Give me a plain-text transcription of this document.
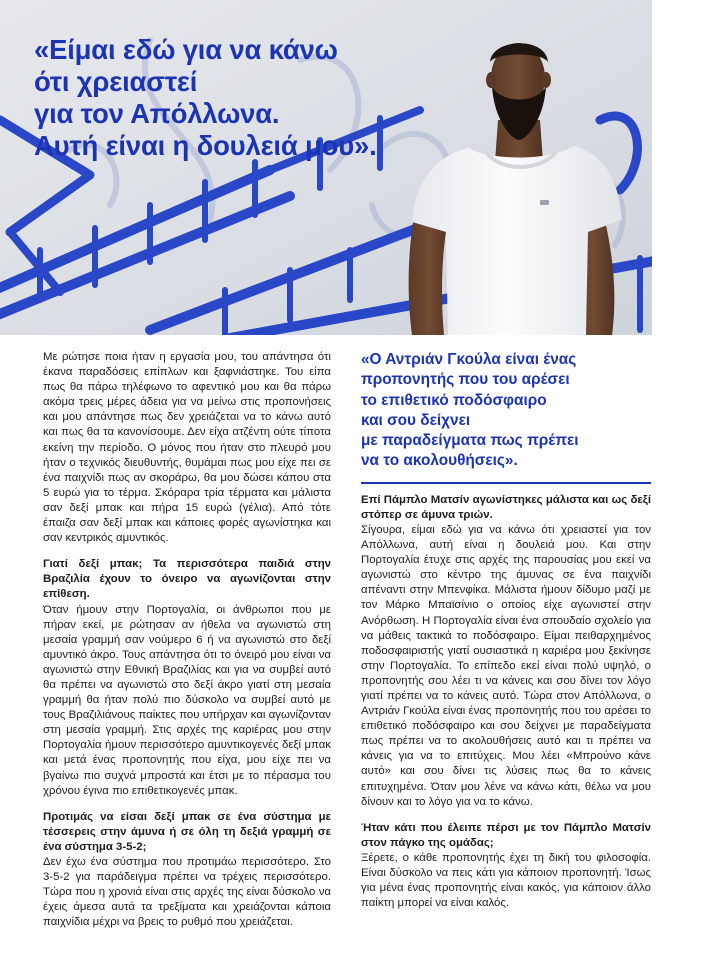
«Είμαι εδώ για να κάνω
ότι χρειαστεί
για τον Απόλλωνα.
Αυτή είναι η δουλειά μου».

Με ρώτησε ποια ήταν η εργασία μου, του απάντησα ότι έκανα παραδόσεις επίπλων και ξαφνιάστηκε. Του είπα πως θα πάρω τηλέφωνο το αφεντικό μου και θα πάρω ακόμα τρεις μέρες άδεια για να μείνω στις προπονήσεις και μου απάντησε πως δεν χρειάζεται να το κάνω αυτό και πως θα τα κανονίσουμε. Δεν είχα ατζέντη ούτε τίποτα εκείνη την περίοδο. Ο μόνος που ήταν στο πλευρό μου ήταν ο τεχνικός διευθυντής, θυμάμαι πως μου είχε πει σε ένα παιχνίδι πως αν σκοράρω, θα μου δώσει κάπου στα 5 ευρώ για το τέρμα. Σκόραρα τρία τέρματα και μάλιστα σαν δεξί μπακ και πήρα 15 ευρώ (γέλια). Από τότε έπαιζα σαν δεξί μπακ και κάποιες φορές αγωνίστηκα και σαν κεντρικός αμυντικός.

Γιατί δεξί μπακ; Τα περισσότερα παιδιά στην Βραζιλία έχουν το όνειρο να αγωνίζονται στην επίθεση.

Όταν ήμουν στην Πορτογαλία, οι άνθρωποι που με πήραν εκεί, με ρώτησαν αν ήθελα να αγωνιστώ στη μεσαία γραμμή σαν νούμερο 6 ή να αγωνιστώ στο δεξί αμυντικό άκρο. Τους απάντησα ότι το όνειρό μου είναι να αγωνιστώ στην Εθνική Βραζιλίας και για να συμβεί αυτό θα πρέπει να αγωνιστώ στο δεξί άκρο γιατί στη μεσαία γραμμή θα ήταν πολύ πιο δύσκολο να συμβεί αυτό με τους Βραζιλιάνους παίκτες που υπήρχαν και αγωνίζονταν στη μεσαία γραμμή. Στις αρχές της καριέρας μου στην Πορτογαλία ήμουν περισσότερο αμυντικογενές δεξί μπακ και μετά ένας προπονητής που είχα, μου είχε πει να βγαίνω πιο συχνά μπροστά και έτσι με το πέρασμα του χρόνου έγινα πιο επιθετικογενές μπακ.

Προτιμάς να είσαι δεξί μπακ σε ένα σύστημα με τέσσερεις στην άμυνα ή σε όλη τη δεξιά γραμμή σε ένα σύστημα 3-5-2;

Δεν έχω ένα σύστημα που προτιμάω περισσότερο. Στο 3-5-2 για παράδειγμα πρέπει να τρέχεις περισσότερο. Τώρα που η χρονιά είναι στις αρχές της είναι δύσκολο να έχεις άμεσα αυτά τα τρεξίματα και χρειάζονται κάποια παιχνίδια μέχρι να βρεις το ρυθμό που χρειάζεται.

«Ο Αντριάν Γκούλα είναι ένας
προπονητής που του αρέσει
το επιθετικό ποδόσφαιρο
και σου δείχνει
με παραδείγματα πως πρέπει
να το ακολουθήσεις».

Επί Πάμπλο Ματσίν αγωνίστηκες μάλιστα και ως δεξί στόπερ σε άμυνα τριών.

Σίγουρα, είμαι εδώ για να κάνω ότι χρειαστεί για τον Απόλλωνα, αυτή είναι η δουλειά μου. Και στην Πορτογαλία έτυχε στις αρχές της παρουσίας μου εκεί να αγωνιστώ στο κέντρο της άμυνας σε ένα παιχνίδι απέναντι στην Μπενφίκα. Μάλιστα ήμουν δίδυμο μαζί με τον Μάρκο Μπαϊσίνιο ο οποίος είχε αγωνιστεί στην Ανόρθωση. Η Πορτογαλία είναι ένα σπουδαίο σχολείο για να μάθεις τακτικά το ποδόσφαιρο. Είμαι πειθαρχημένος ποδοσφαιριστής γιατί ουσιαστικά η καριέρα μου ξεκίνησε στην Πορτογαλία. Το επίπεδο εκεί είναι πολύ υψηλό, ο προπονητής σου λέει τι να κάνεις και σου δίνει τον λόγο γιατί πρέπει να το κάνεις αυτό. Τώρα στον Απόλλωνα, ο Αντριάν Γκούλα είναι ένας προπονητής που του αρέσει το επιθετικό ποδόσφαιρο και σου δείχνει με παραδείγματα πως πρέπει να το ακολουθήσεις αυτό και τι πρέπει να κάνεις για να το επιτύχεις. Μου λέει «Μπρούνο κάνε αυτό» και σου δίνει τις λύσεις πως θα το κάνεις επιτυχημένα. Όταν μου λένε να κάνω κάτι, θέλω να μου δίνουν και το λόγο για να το κάνω.

Ήταν κάτι που έλειπε πέρσι με τον Πάμπλο Ματσίν στον πάγκο της ομάδας;

Ξέρετε, ο κάθε προπονητής έχει τη δική του φιλοσοφία. Είναι δύσκολο να πεις κάτι για κάποιον προπονητή. Ίσως για μένα ένας προπονητής είναι κακός, για κάποιον άλλο παίκτη μπορεί να είναι καλός.
